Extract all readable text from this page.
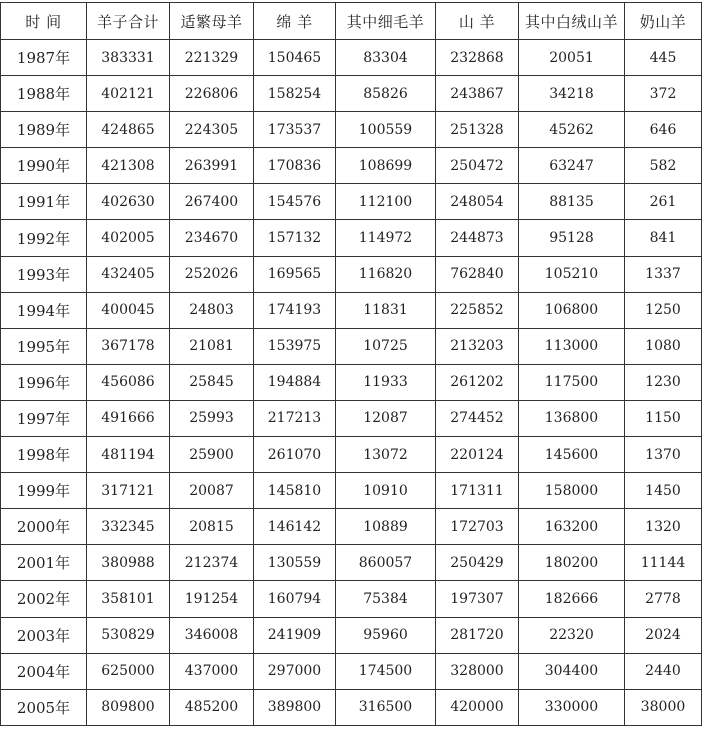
时 间	羊子合计	适繁母羊	绵 羊	其中细毛羊	山 羊	其中白绒山羊	奶山羊
1987年	383331	221329	150465	83304	232868	20051	445
1988年	402121	226806	158254	85826	243867	34218	372
1989年	424865	224305	173537	100559	251328	45262	646
1990年	421308	263991	170836	108699	250472	63247	582
1991年	402630	267400	154576	112100	248054	88135	261
1992年	402005	234670	157132	114972	244873	95128	841
1993年	432405	252026	169565	116820	762840	105210	1337
1994年	400045	24803	174193	11831	225852	106800	1250
1995年	367178	21081	153975	10725	213203	113000	1080
1996年	456086	25845	194884	11933	261202	117500	1230
1997年	491666	25993	217213	12087	274452	136800	1150
1998年	481194	25900	261070	13072	220124	145600	1370
1999年	317121	20087	145810	10910	171311	158000	1450
2000年	332345	20815	146142	10889	172703	163200	1320
2001年	380988	212374	130559	860057	250429	180200	11144
2002年	358101	191254	160794	75384	197307	182666	2778
2003年	530829	346008	241909	95960	281720	22320	2024
2004年	625000	437000	297000	174500	328000	304400	2440
2005年	809800	485200	389800	316500	420000	330000	38000
